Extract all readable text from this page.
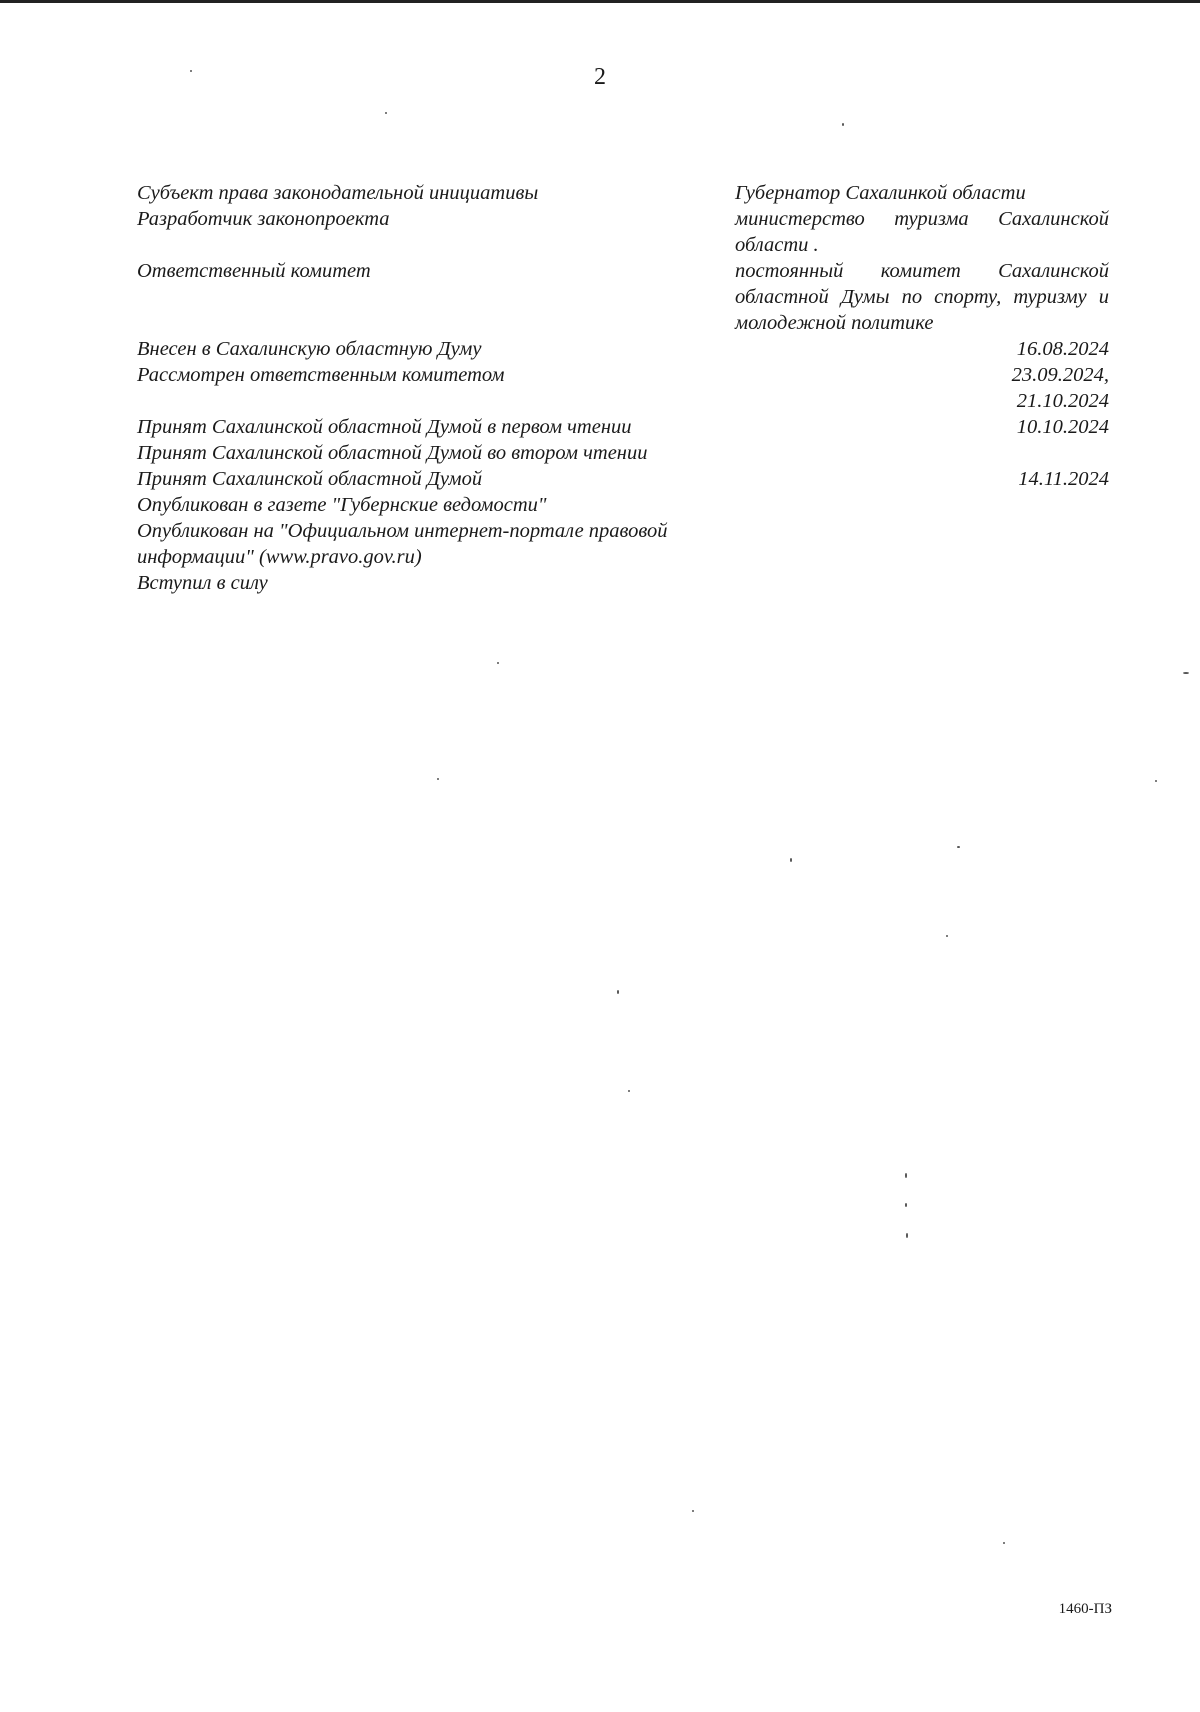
2
Субъект права законодательной инициативы	Губернатор Сахалинкой области
Разработчик законопроекта	министерство туризма Сахалинской
области .
Ответственный комитет	постоянный комитет Сахалинской
областной Думы по спорту, туризму и
молодежной политике
Внесен в Сахалинскую областную Думу	16.08.2024
Рассмотрен ответственным комитетом	23.09.2024,
21.10.2024
Принят Сахалинской областной Думой в первом чтении	10.10.2024
Принят Сахалинской областной Думой во втором чтении
Принят Сахалинской областной Думой	14.11.2024
Опубликован в газете "Губернские ведомости"
Опубликован на "Официальном интернет-портале правовой
информации" (www.pravo.gov.ru)
Вступил в силу
1460-ПЗ
